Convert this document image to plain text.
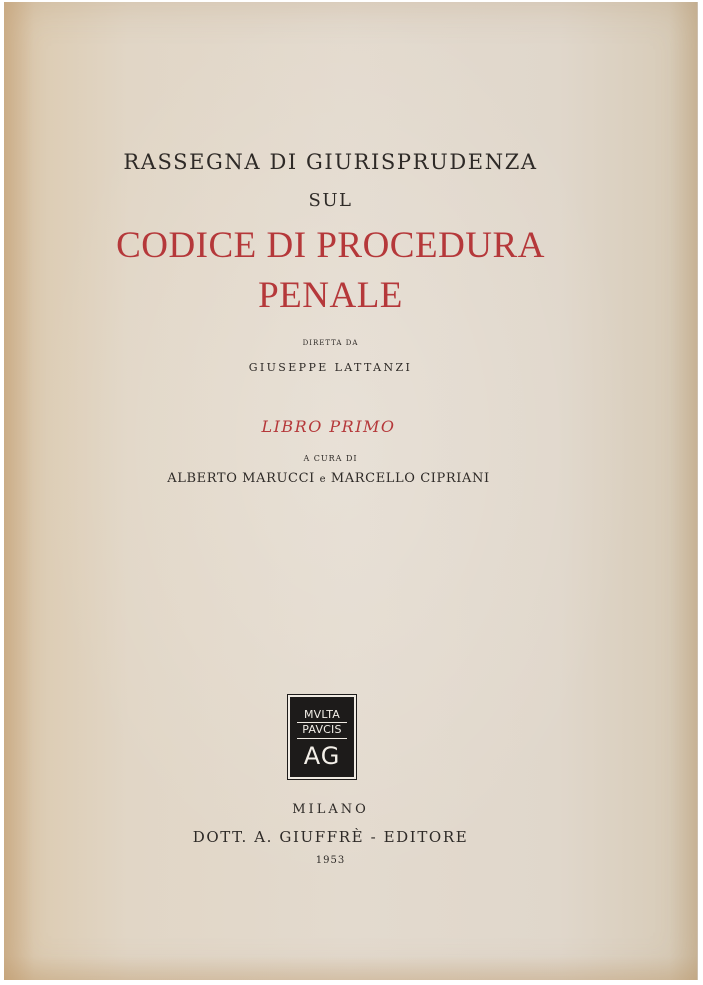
RASSEGNA DI GIURISPRUDENZA
SUL
CODICE DI PROCEDURA
PENALE
DIRETTA DA
GIUSEPPE LATTANZI
LIBRO PRIMO
A CURA DI
ALBERTO MARUCCI e MARCELLO CIPRIANI
MVLTA
PAVCIS
AG
MILANO
DOTT. A. GIUFFRÈ - EDITORE
1953
